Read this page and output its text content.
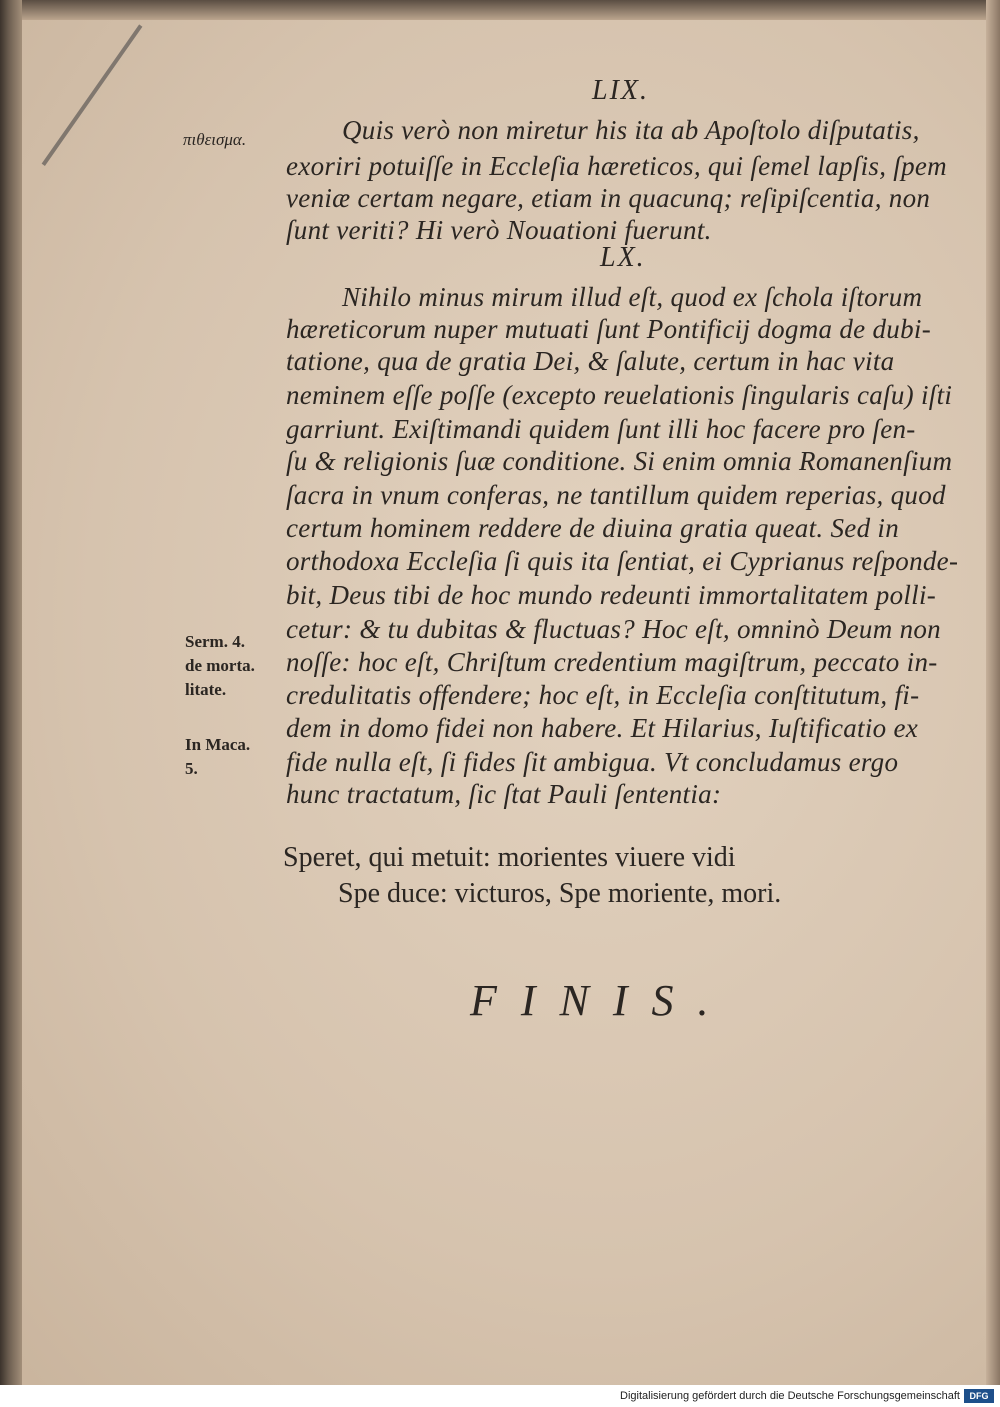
LIX.
πιθεισμα.	Quis verò non miretur his ita ab Apoſtolo diſputatis,
exoriri potuiſſe in Eccleſia hæreticos, qui ſemel lapſis, ſpem
veniæ certam negare, etiam in quacunq; reſipiſcentia, non
ſunt veriti? Hi verò Nouationi fuerunt.
LX.
Nihilo minus mirum illud eſt, quod ex ſchola iſtorum
hæreticorum nuper mutuati ſunt Pontificij dogma de dubi-
tatione, qua de gratia Dei, & ſalute, certum in hac vita
neminem eſſe poſſe (excepto reuelationis ſingularis caſu) iſti
garriunt. Exiſtimandi quidem ſunt illi hoc facere pro ſen-
ſu & religionis ſuæ conditione. Si enim omnia Romanenſium
ſacra in vnum conferas, ne tantillum quidem reperias, quod
certum hominem reddere de diuina gratia queat. Sed in
orthodoxa Eccleſia ſi quis ita ſentiat, ei Cyprianus reſponde-
bit, Deus tibi de hoc mundo redeunti immortalitatem polli-
cetur: & tu dubitas & fluctuas? Hoc eſt, omninò Deum non
noſſe: hoc eſt, Chriſtum credentium magiſtrum, peccato in-
credulitatis offendere; hoc eſt, in Eccleſia conſtitutum, fi-
dem in domo fidei non habere. Et Hilarius, Iuſtificatio ex
fide nulla eſt, ſi fides ſit ambigua. Vt concludamus ergo
hunc tractatum, ſic ſtat Pauli ſententia:
Serm. 4.
de morta.
litate.
In Maca.
5.
Speret, qui metuit: morientes viuere vidi
Spe duce: victuros, Spe moriente, mori.
FINIS.
Digitalisierung gefördert durch die Deutsche Forschungsgemeinschaft	DFG
